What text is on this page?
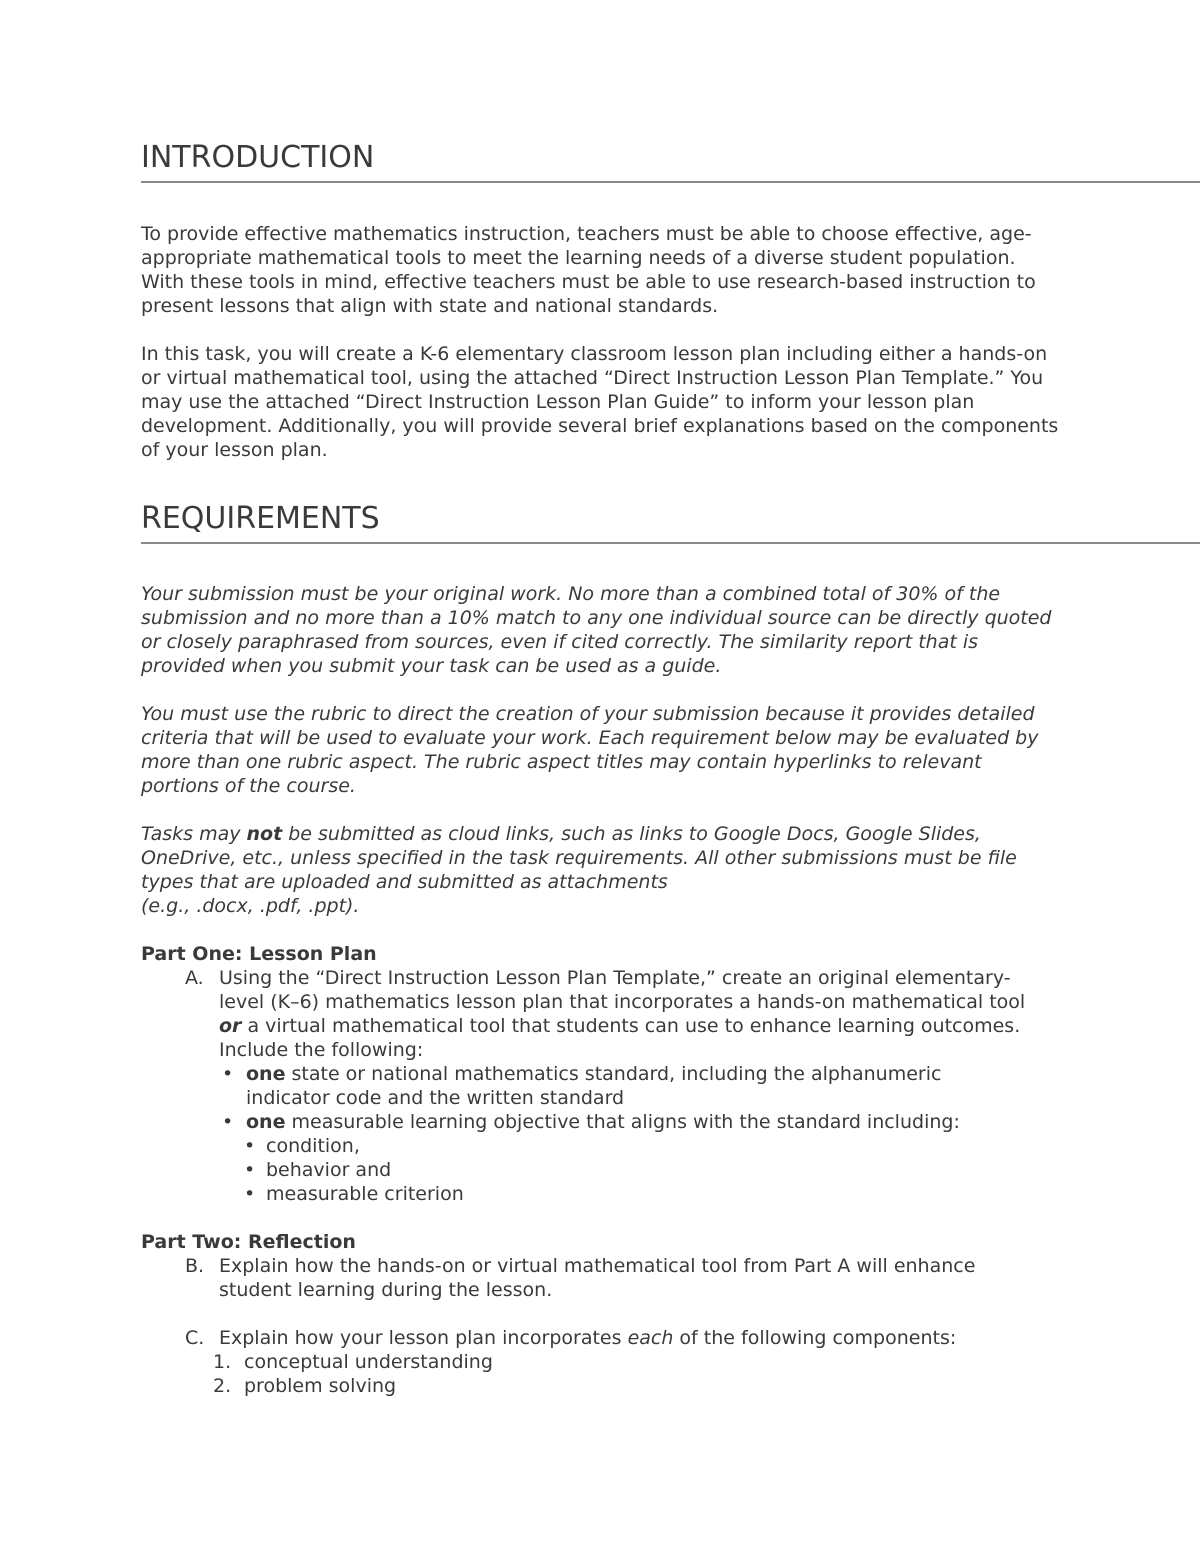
INTRODUCTION

To provide effective mathematics instruction, teachers must be able to choose effective, age-appropriate mathematical tools to meet the learning needs of a diverse student population. With these tools in mind, effective teachers must be able to use research-based instruction to present lessons that align with state and national standards.

In this task, you will create a K-6 elementary classroom lesson plan including either a hands-on or virtual mathematical tool, using the attached “Direct Instruction Lesson Plan Template.” You may use the attached “Direct Instruction Lesson Plan Guide” to inform your lesson plan development. Additionally, you will provide several brief explanations based on the components of your lesson plan.

REQUIREMENTS

Your submission must be your original work. No more than a combined total of 30% of the submission and no more than a 10% match to any one individual source can be directly quoted or closely paraphrased from sources, even if cited correctly. The similarity report that is provided when you submit your task can be used as a guide.

You must use the rubric to direct the creation of your submission because it provides detailed criteria that will be used to evaluate your work. Each requirement below may be evaluated by more than one rubric aspect. The rubric aspect titles may contain hyperlinks to relevant portions of the course.

Tasks may not be submitted as cloud links, such as links to Google Docs, Google Slides, OneDrive, etc., unless specified in the task requirements. All other submissions must be file types that are uploaded and submitted as attachments
(e.g., .docx, .pdf, .ppt).

Part One: Lesson Plan

A. Using the “Direct Instruction Lesson Plan Template,” create an original elementary-level (K–6) mathematics lesson plan that incorporates a hands-on mathematical tool or a virtual mathematical tool that students can use to enhance learning outcomes. Include the following:
• one state or national mathematics standard, including the alphanumeric indicator code and the written standard
• one measurable learning objective that aligns with the standard including:
• condition,
• behavior and
• measurable criterion

Part Two: Reflection

B. Explain how the hands-on or virtual mathematical tool from Part A will enhance student learning during the lesson.
C. Explain how your lesson plan incorporates each of the following components:
1. conceptual understanding
2. problem solving
